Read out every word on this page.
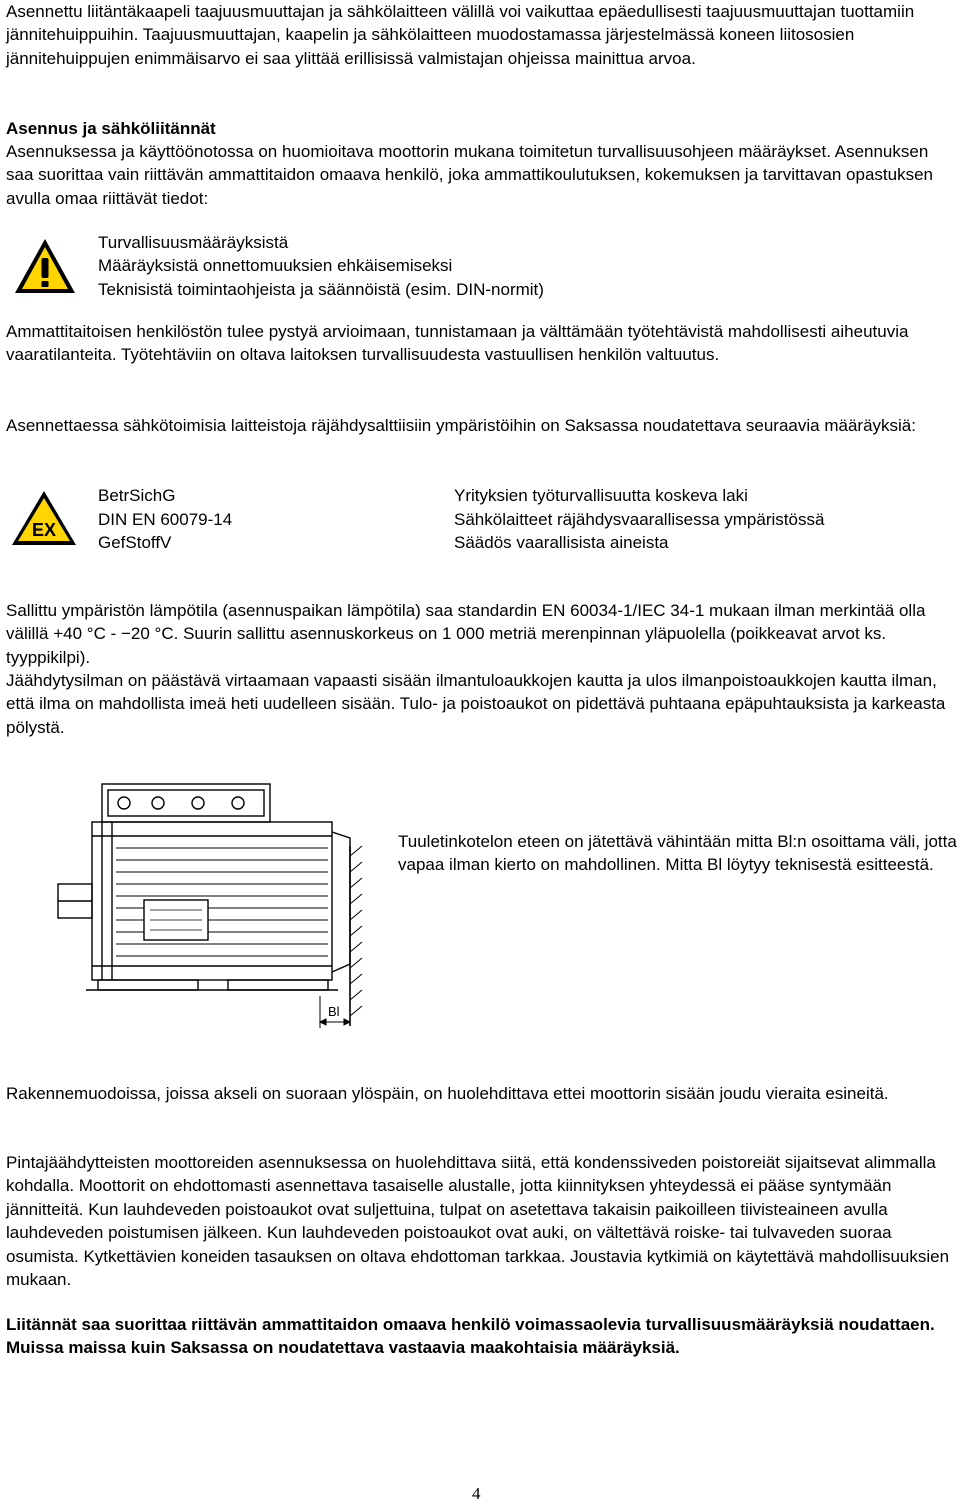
Asennettu liitäntäkaapeli taajuusmuuttajan ja sähkölaitteen välillä voi vaikuttaa epäedullisesti taajuusmuuttajan tuottamiin jännitehuippuihin. Taajuusmuuttajan, kaapelin ja sähkölaitteen muodostamassa järjestelmässä koneen liitososien jännitehuippujen enimmäisarvo ei saa ylittää erillisissä valmistajan ohjeissa mainittua arvoa.

Asennus ja sähköliitännät

Asennuksessa ja käyttöönotossa on huomioitava moottorin mukana toimitetun turvallisuusohjeen määräykset. Asennuksen saa suorittaa vain riittävän ammattitaidon omaava henkilö, joka ammattikoulutuksen, kokemuksen ja tarvittavan opastuksen avulla omaa riittävät tiedot:

Turvallisuusmääräyksistä

Määräyksistä onnettomuuksien ehkäisemiseksi

Teknisistä toimintaohjeista ja säännöistä (esim. DIN-normit)

Ammattitaitoisen henkilöstön tulee pystyä arvioimaan, tunnistamaan ja välttämään työtehtävistä mahdollisesti aiheutuvia vaaratilanteita. Työtehtäviin on oltava laitoksen turvallisuudesta vastuullisen henkilön valtuutus.

Asennettaessa sähkötoimisia laitteistoja räjähdysalttiisiin ympäristöihin on Saksassa noudatettava seuraavia määräyksiä:

EX

BetrSichG

DIN EN 60079-14

GefStoffV

Yrityksien työturvallisuutta koskeva laki

Sähkölaitteet räjähdysvaarallisessa ympäristössä

Säädös vaarallisista aineista

Sallittu ympäristön lämpötila (asennuspaikan lämpötila) saa standardin EN 60034-1/IEC 34-1 mukaan ilman merkintää olla välillä +40 °C - −20 °C. Suurin sallittu asennuskorkeus on 1 000 metriä merenpinnan yläpuolella (poikkeavat arvot ks. tyyppikilpi).

Jäähdytysilman on päästävä virtaamaan vapaasti sisään ilmantuloaukkojen kautta ja ulos ilmanpoistoaukkojen kautta ilman, että ilma on mahdollista imeä heti uudelleen sisään. Tulo- ja poistoaukot on pidettävä puhtaana epäpuhtauksista ja karkeasta pölystä.

Bl

Tuuletinkotelon eteen on jätettävä vähintään mitta Bl:n osoittama väli, jotta vapaa ilman kierto on mahdollinen. Mitta Bl löytyy teknisestä esitteestä.

Rakennemuodoissa, joissa akseli on suoraan ylöspäin, on huolehdittava ettei moottorin sisään joudu vieraita esineitä.

Pintajäähdytteisten moottoreiden asennuksessa on huolehdittava siitä, että kondenssiveden poistoreiät sijaitsevat alimmalla kohdalla. Moottorit on ehdottomasti asennettava tasaiselle alustalle, jotta kiinnityksen yhteydessä ei pääse syntymään jännitteitä. Kun lauhdeveden poistoaukot ovat suljettuina, tulpat on asetettava takaisin paikoilleen tiivisteaineen avulla lauhdeveden poistumisen jälkeen. Kun lauhdeveden poistoaukot ovat auki, on vältettävä roiske- tai tulvaveden suoraa osumista. Kytkettävien koneiden tasauksen on oltava ehdottoman tarkkaa. Joustavia kytkimiä on käytettävä mahdollisuuksien mukaan.

Liitännät saa suorittaa riittävän ammattitaidon omaava henkilö voimassaolevia turvallisuusmääräyksiä noudattaen. Muissa maissa kuin Saksassa on noudatettava vastaavia maakohtaisia määräyksiä.

4
